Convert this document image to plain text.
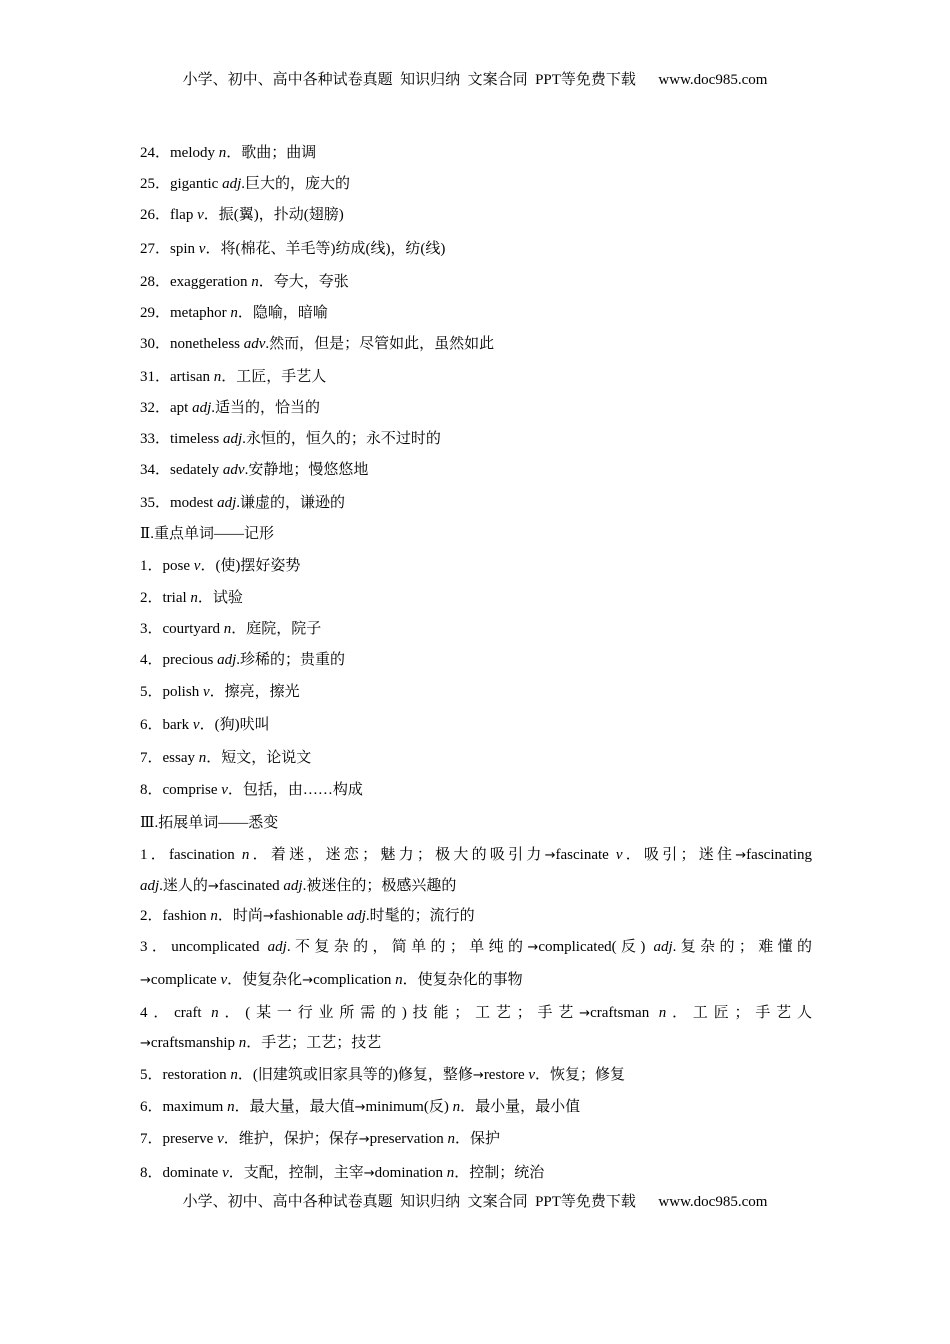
小学、初中、高中各种试卷真题  知识归纳  文案合同  PPT等免费下载      www.doc985.com
24．melody n．歌曲；曲调
25．gigantic adj.巨大的，庞大的
26．flap v．振(翼)，扑动(翅膀)
27．spin v．将(棉花、羊毛等)纺成(线)，纺(线)
28．exaggeration n．夸大，夸张
29．metaphor n．隐喻，暗喻
30．nonetheless adv.然而，但是；尽管如此，虽然如此
31．artisan n．工匠，手艺人
32．apt adj.适当的，恰当的
33．timeless adj.永恒的，恒久的；永不过时的
34．sedately adv.安静地；慢悠悠地
35．modest adj.谦虚的，谦逊的
Ⅱ.重点单词——记形
1．pose v．(使)摆好姿势
2．trial n．试验
3．courtyard n．庭院，院子
4．precious adj.珍稀的；贵重的
5．polish v．擦亮，擦光
6．bark v．(狗)吠叫
7．essay n．短文，论说文
8．comprise v．包括，由……构成
Ⅲ.拓展单词——悉变
1．fascination n．着迷，迷恋；魅力；极大的吸引力→fascinate v．吸引；迷住→fascinating
adj.迷人的→fascinated adj.被迷住的；极感兴趣的
2．fashion n．时尚→fashionable adj.时髦的；流行的
3．uncomplicated adj.不复杂的，简单的；单纯的→complicated(反) adj.复杂的；难懂的
→complicate v．使复杂化→complication n．使复杂化的事物
4．craft n．(某一行业所需的)技能；工艺；手艺→craftsman n．工匠；手艺人
→craftsmanship n．手艺；工艺；技艺
5．restoration n．(旧建筑或旧家具等的)修复，整修→restore v．恢复；修复
6．maximum n．最大量，最大值→minimum(反) n．最小量，最小值
7．preserve v．维护，保护；保存→preservation n．保护
8．dominate v．支配，控制，主宰→domination n．控制；统治
小学、初中、高中各种试卷真题  知识归纳  文案合同  PPT等免费下载      www.doc985.com
